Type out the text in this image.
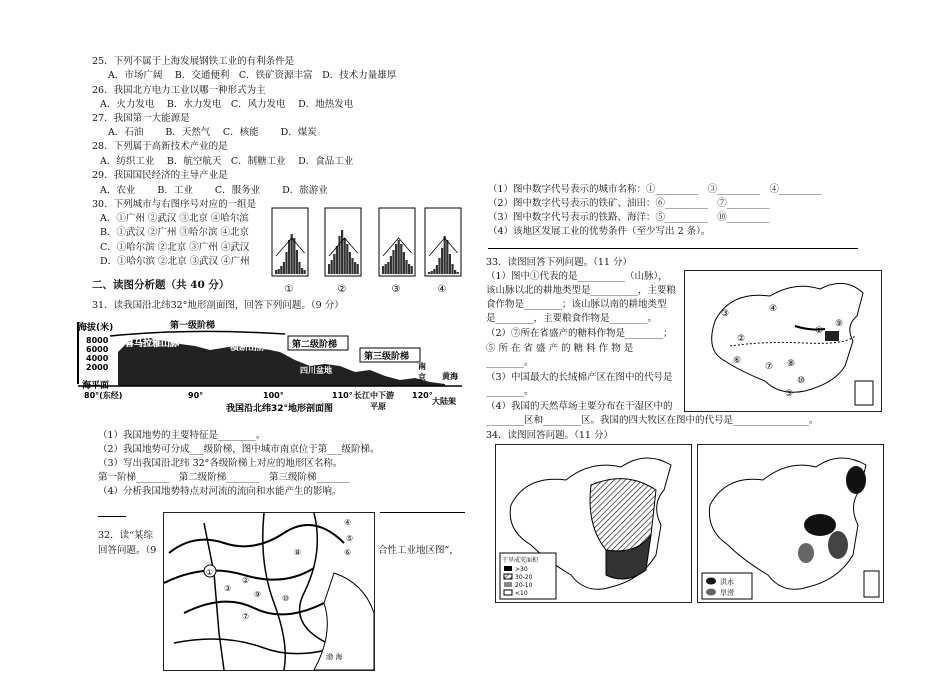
25．下列不属于上海发展钢铁工业的有利条件是
A．市场广阔　 B．交通便利　C．铁矿资源丰富　D．技术力量雄厚
26．我国北方电力工业以哪一种形式为主
A．火力发电　 B．水力发电　C．风力发电　 D．地热发电
27．我国第一大能源是
A．石油　　 B．天然气　 C．核能　　 D．煤炭
28．下列属于高新技术产业的是
A．纺织工业　 B．航空航天　C．制糖工业　 D．食品工业
29．我国国民经济的主导产业是
A．农业　　 B．工业　　 C．服务业　　 D．旅游业
30．下列城市与右图序号对应的一组是
A．①广州 ②武汉 ③北京 ④哈尔滨
B．①武汉 ②广州 ③哈尔滨 ④北京
C．①哈尔滨 ②北京 ③广州 ④武汉
D．①哈尔滨 ②北京 ③武汉 ④广州
①	②	③	④
二、读图分析题（共 40 分）
31．读我国沿北纬32°地形剖面图，回答下列问题。（9 分）
海拔(米)
8000
6000
4000
2000
海平面
第一级阶梯
喜马拉雅山脉	横断山脉	第二级阶梯
第三级阶梯
四川盆地	南
京 黄海
80°(东经)	90°	100°	110° 长江中下游 120°
平原
大陆架
我国沿北纬32°地形剖面图
（1）我国地势的主要特征是________。
（2）我国地势可分成___级阶梯，图中城市南京位于第___级阶梯。
（3）写出我国沿北纬 32°各级阶梯上对应的地形区名称。
第一阶梯_______　第二级阶梯_______　第三级阶梯_______
（4）分析我国地势特点对河流的流向和水能产生的影响。
32．读“某综
回答问题。（9	合性工业地区图”，
①
②
③
④
⑤
⑥
⑦
⑧
⑨	⑩
渤 海
（1）图中数字代号表示的城市名称：①_________　③_________　④_________
（2）图中数字代号表示的铁矿、油田：⑥_________　⑦_________
（3）图中数字代号表示的铁路、海洋：⑤_________　⑩_________
（4）该地区发展工业的优势条件（至少写出 2 条）。
33．读图回答下列问题。（11 分）
（1）图中①代表的是__________（山脉），
该山脉以北的耕地类型是__________，主要粮
食作物是________；该山脉以南的耕地类型
是________，主要粮食作物是________。
（2）⑦所在省盛产的糖料作物是________；
⑤ 所 在 省 盛 产 的 糖 料 作 物 是
________。
（3）中国最大的长绒棉产区在图中的代号是
________。
（4）我国的天然草场主要分布在干湿区中的
________区和________区。我国的四大牧区在图中的代号是________________。
③	④
②
①
⑥
⑦ ⑧
⑩
⑤
⑨
34．读图回答问题。（11 分）
干旱成灾面积
>30
30-20
20-10
<10
洪水
旱涝
